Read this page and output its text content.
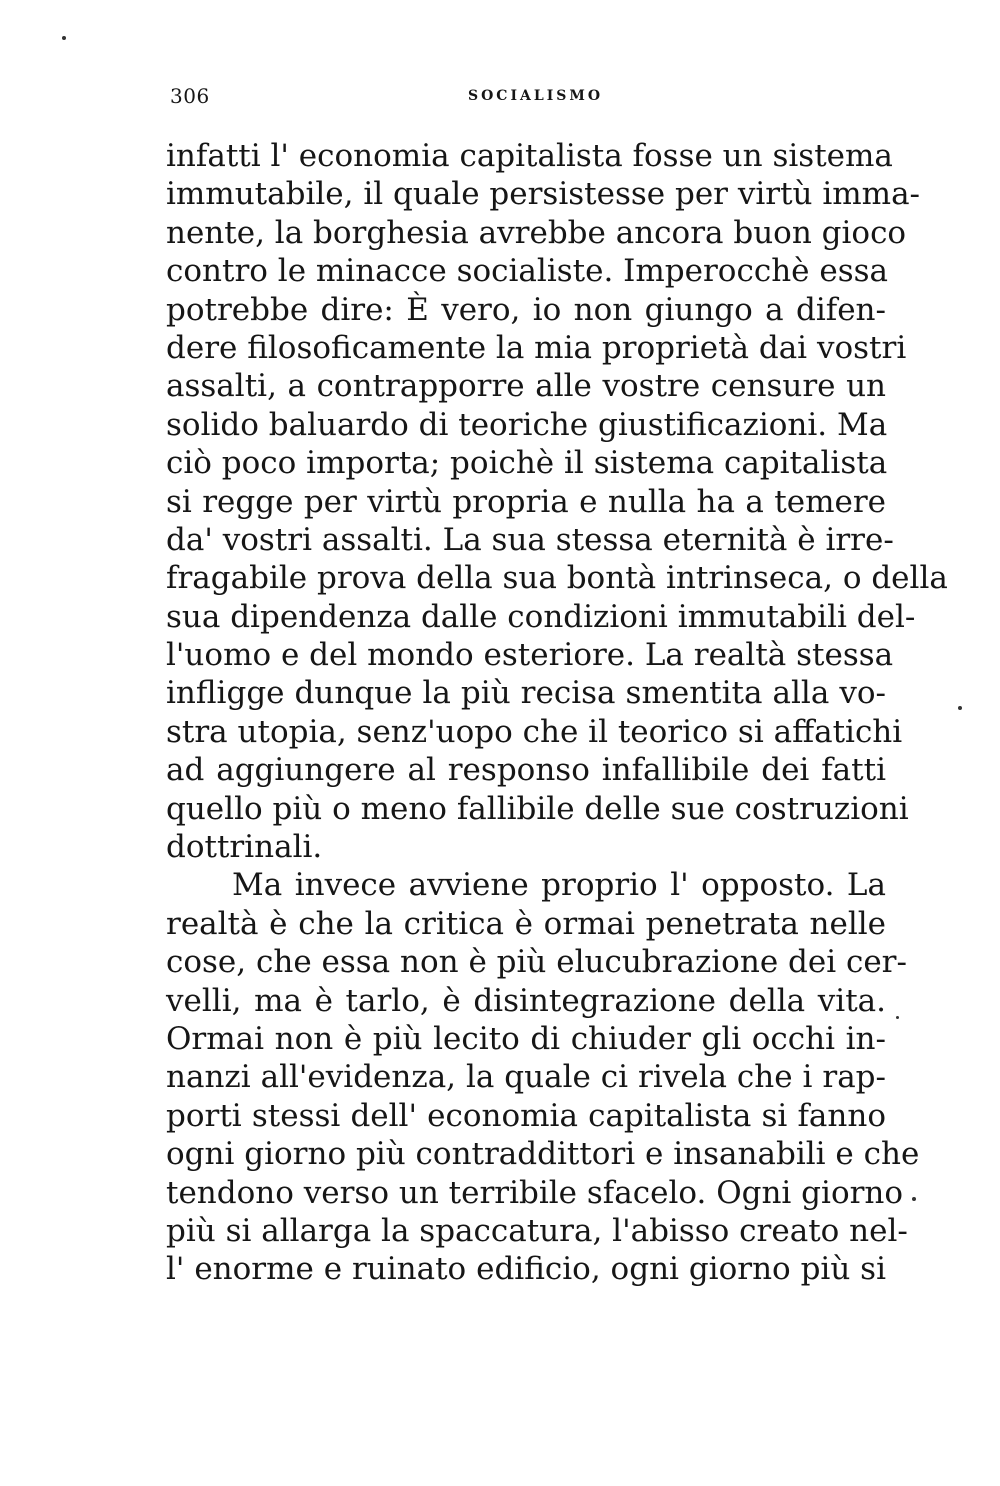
306	SOCIALISMO
infatti l' economia capitalista fosse un sistema
immutabile, il quale persistesse per virtù imma-
nente, la borghesia avrebbe ancora buon gioco
contro le minacce socialiste. Imperocchè essa
potrebbe dire: È vero, io non giungo a difen-
dere filosoficamente la mia proprietà dai vostri
assalti, a contrapporre alle vostre censure un
solido baluardo di teoriche giustificazioni. Ma
ciò poco importa; poichè il sistema capitalista
si regge per virtù propria e nulla ha a temere
da' vostri assalti. La sua stessa eternità è irre-
fragabile prova della sua bontà intrinseca, o della
sua dipendenza dalle condizioni immutabili del-
l'uomo e del mondo esteriore. La realtà stessa
infligge dunque la più recisa smentita alla vo-
stra utopia, senz'uopo che il teorico si affatichi
ad aggiungere al responso infallibile dei fatti
quello più o meno fallibile delle sue costruzioni
dottrinali.
Ma invece avviene proprio l' opposto. La
realtà è che la critica è ormai penetrata nelle
cose, che essa non è più elucubrazione dei cer-
velli, ma è tarlo, è disintegrazione della vita.
Ormai non è più lecito di chiuder gli occhi in-
nanzi all'evidenza, la quale ci rivela che i rap-
porti stessi dell' economia capitalista si fanno
ogni giorno più contraddittori e insanabili e che
tendono verso un terribile sfacelo. Ogni giorno
più si allarga la spaccatura, l'abisso creato nel-
l' enorme e ruinato edificio, ogni giorno più si
